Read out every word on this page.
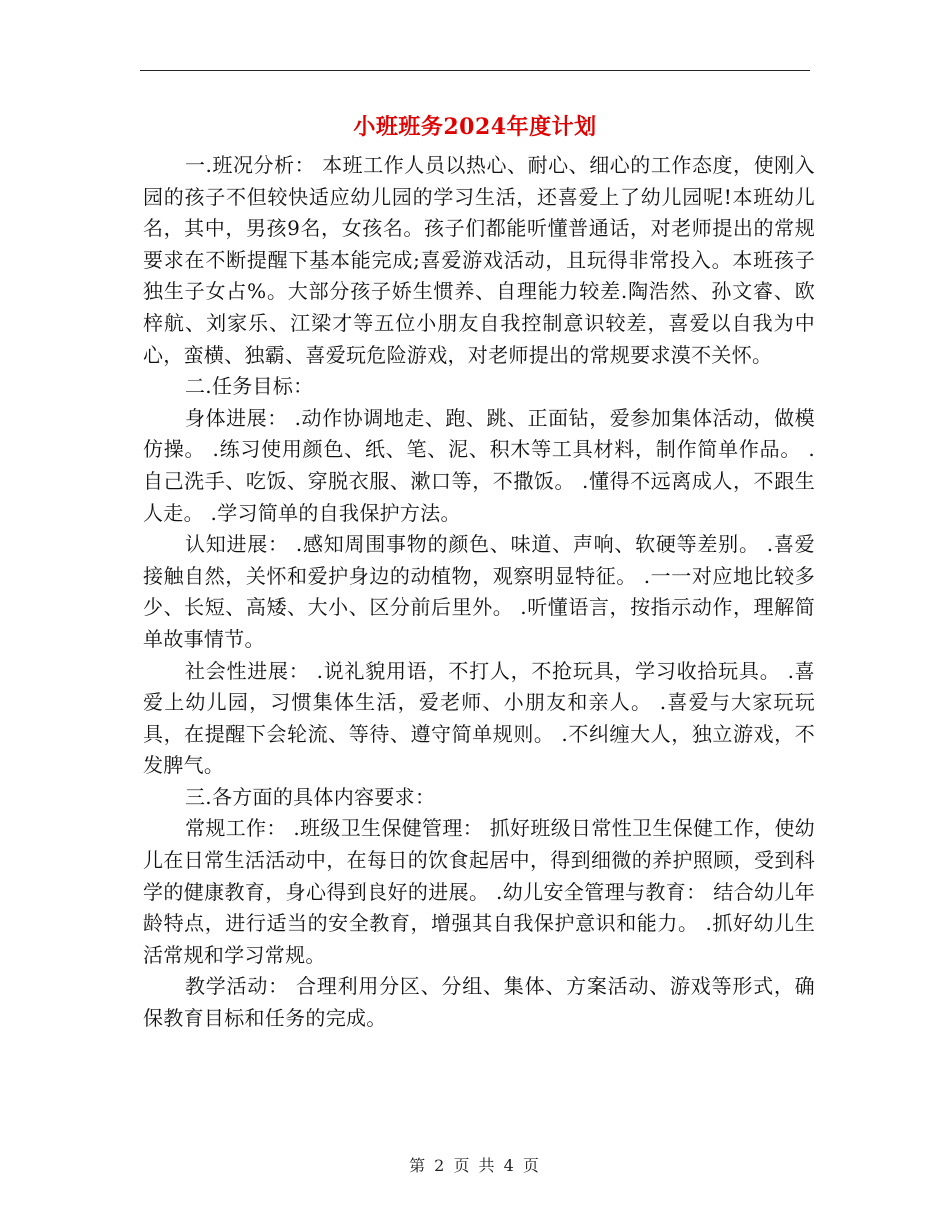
小班班务2024年度计划

一.班况分析： 本班工作人员以热心、耐心、细心的工作态度，使刚入园的孩子不但较快适应幼儿园的学习生活，还喜爱上了幼儿园呢!本班幼儿 名，其中，男孩9名，女孩名。孩子们都能听懂普通话，对老师提出的常规要求在不断提醒下基本能完成;喜爱游戏活动，且玩得非常投入。本班孩子独生子女占%。大部分孩子娇生惯养、自理能力较差.陶浩然、孙文睿、欧梓航、刘家乐、江梁才等五位小朋友自我控制意识较差，喜爱以自我为中心，蛮横、独霸、喜爱玩危险游戏，对老师提出的常规要求漠不关怀。

二.任务目标：

身体进展： .动作协调地走、跑、跳、正面钻，爱参加集体活动，做模仿操。 .练习使用颜色、纸、笔、泥、积木等工具材料，制作简单作品。 .自己洗手、吃饭、穿脱衣服、漱口等，不撒饭。 .懂得不远离成人，不跟生人走。 .学习简单的自我保护方法。

认知进展： .感知周围事物的颜色、味道、声响、软硬等差别。 .喜爱接触自然，关怀和爱护身边的动植物，观察明显特征。 .一一对应地比较多少、长短、高矮、大小、区分前后里外。 .听懂语言，按指示动作，理解简单故事情节。

社会性进展： .说礼貌用语，不打人，不抢玩具，学习收拾玩具。 .喜爱上幼儿园，习惯集体生活，爱老师、小朋友和亲人。 .喜爱与大家玩玩具，在提醒下会轮流、等待、遵守简单规则。 .不纠缠大人，独立游戏，不发脾气。

三.各方面的具体内容要求：

常规工作： .班级卫生保健管理： 抓好班级日常性卫生保健工作，使幼儿在日常生活活动中，在每日的饮食起居中，得到细微的养护照顾，受到科学的健康教育，身心得到良好的进展。 .幼儿安全管理与教育： 结合幼儿年龄特点，进行适当的安全教育，增强其自我保护意识和能力。 .抓好幼儿生活常规和学习常规。

教学活动： 合理利用分区、分组、集体、方案活动、游戏等形式，确保教育目标和任务的完成。

第 2 页 共 4 页
